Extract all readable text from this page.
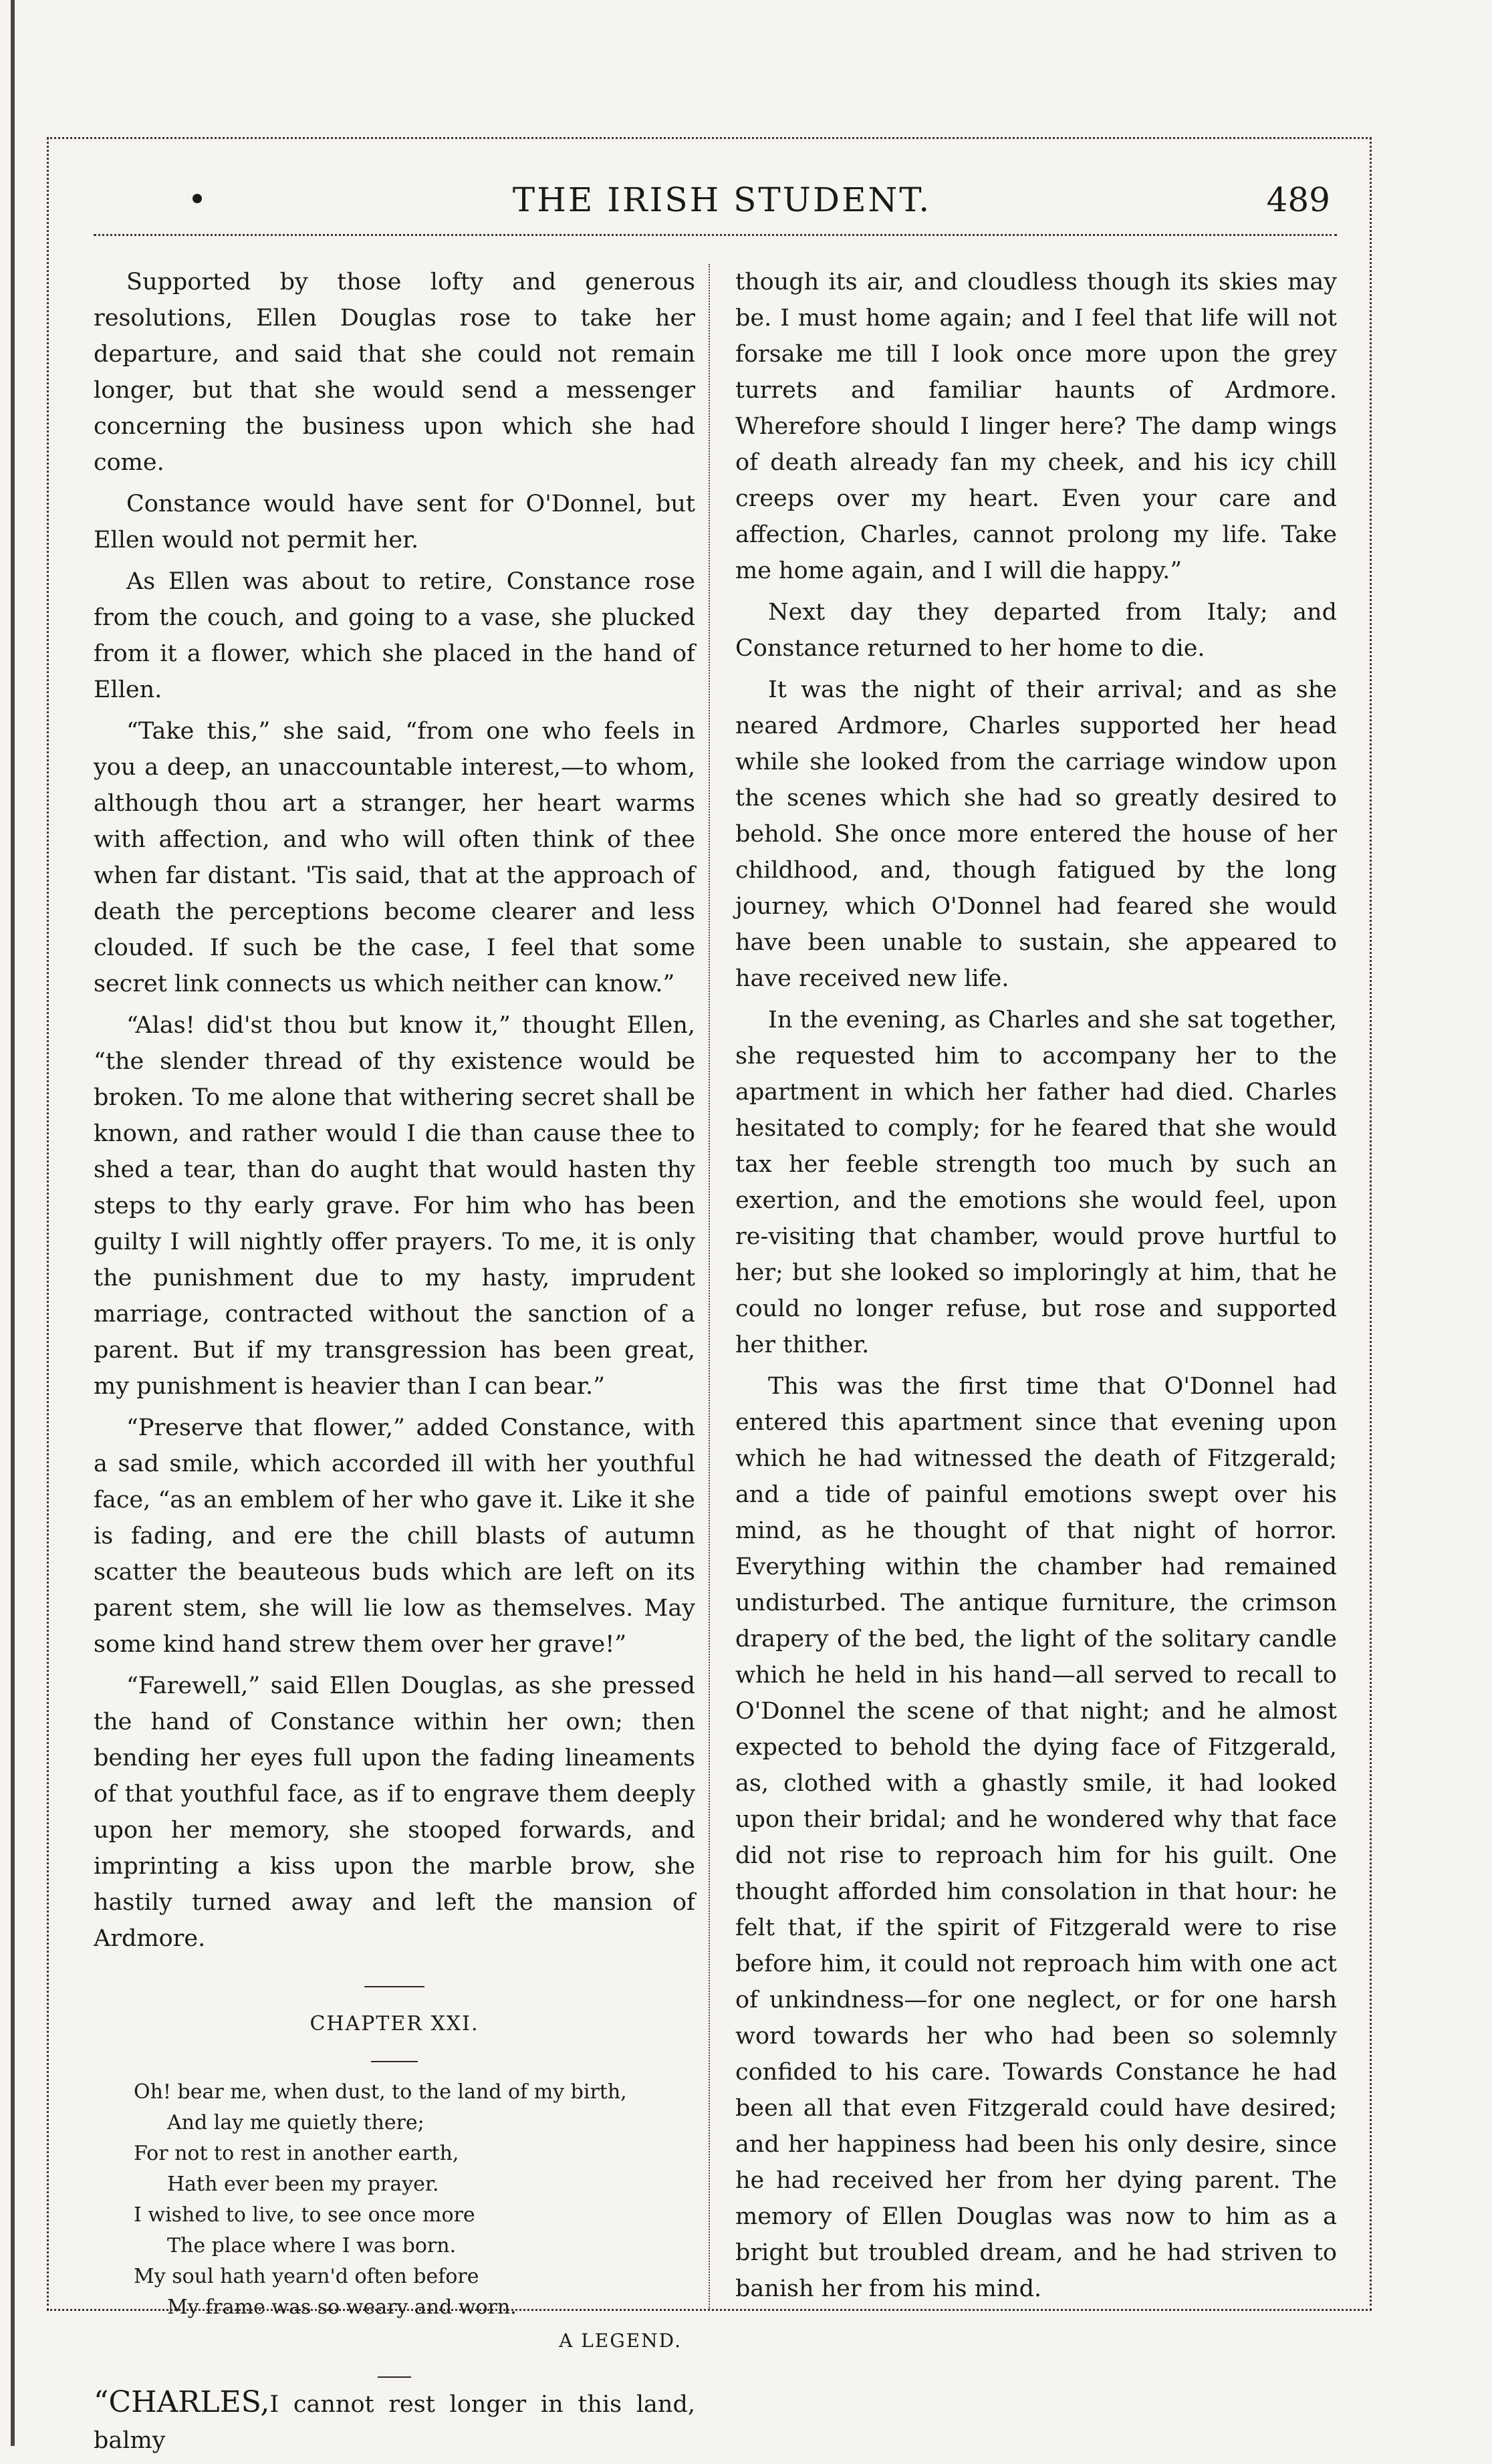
THE IRISH STUDENT.	489

Supported by those lofty and generous resolutions, Ellen Douglas rose to take her departure, and said that she could not remain longer, but that she would send a messenger concerning the business upon which she had come.

Constance would have sent for O'Donnel, but Ellen would not permit her.

As Ellen was about to retire, Constance rose from the couch, and going to a vase, she plucked from it a flower, which she placed in the hand of Ellen.

“Take this,” she said, “from one who feels in you a deep, an unaccountable interest,—to whom, although thou art a stranger, her heart warms with affection, and who will often think of thee when far distant. 'Tis said, that at the approach of death the perceptions become clearer and less clouded. If such be the case, I feel that some secret link connects us which neither can know.”

“Alas! did'st thou but know it,” thought Ellen, “the slender thread of thy existence would be broken. To me alone that withering secret shall be known, and rather would I die than cause thee to shed a tear, than do aught that would hasten thy steps to thy early grave. For him who has been guilty I will nightly offer prayers. To me, it is only the punishment due to my hasty, imprudent marriage, contracted without the sanction of a parent. But if my transgression has been great, my punishment is heavier than I can bear.”

“Preserve that flower,” added Constance, with a sad smile, which accorded ill with her youthful face, “as an emblem of her who gave it. Like it she is fading, and ere the chill blasts of autumn scatter the beauteous buds which are left on its parent stem, she will lie low as themselves. May some kind hand strew them over her grave!”

“Farewell,” said Ellen Douglas, as she pressed the hand of Constance within her own; then bending her eyes full upon the fading lineaments of that youthful face, as if to engrave them deeply upon her memory, she stooped forwards, and imprinting a kiss upon the marble brow, she hastily turned away and left the mansion of Ardmore.

CHAPTER XXI.
Oh! bear me, when dust, to the land of my birth,
And lay me quietly there;
For not to rest in another earth,
Hath ever been my prayer.
I wished to live, to see once more
The place where I was born.
My soul hath yearn'd often before
My frame was so weary and worn.
A LEGEND.

“CHARLES,I cannot rest longer in this land, balmy

though its air, and cloudless though its skies may be. I must home again; and I feel that life will not forsake me till I look once more upon the grey turrets and familiar haunts of Ardmore. Wherefore should I linger here? The damp wings of death already fan my cheek, and his icy chill creeps over my heart. Even your care and affection, Charles, cannot prolong my life. Take me home again, and I will die happy.”

Next day they departed from Italy; and Constance returned to her home to die.

It was the night of their arrival; and as she neared Ardmore, Charles supported her head while she looked from the carriage window upon the scenes which she had so greatly desired to behold. She once more entered the house of her childhood, and, though fatigued by the long journey, which O'Donnel had feared she would have been unable to sustain, she appeared to have received new life.

In the evening, as Charles and she sat together, she requested him to accompany her to the apartment in which her father had died. Charles hesitated to comply; for he feared that she would tax her feeble strength too much by such an exertion, and the emotions she would feel, upon re-visiting that chamber, would prove hurtful to her; but she looked so imploringly at him, that he could no longer refuse, but rose and supported her thither.

This was the first time that O'Donnel had entered this apartment since that evening upon which he had witnessed the death of Fitzgerald; and a tide of painful emotions swept over his mind, as he thought of that night of horror. Everything within the chamber had remained undisturbed. The antique furniture, the crimson drapery of the bed, the light of the solitary candle which he held in his hand—all served to recall to O'Donnel the scene of that night; and he almost expected to behold the dying face of Fitzgerald, as, clothed with a ghastly smile, it had looked upon their bridal; and he wondered why that face did not rise to reproach him for his guilt. One thought afforded him consolation in that hour: he felt that, if the spirit of Fitzgerald were to rise before him, it could not reproach him with one act of unkindness—for one neglect, or for one harsh word towards her who had been so solemnly confided to his care. Towards Constance he had been all that even Fitzgerald could have desired; and her happiness had been his only desire, since he had received her from her dying parent. The memory of Ellen Douglas was now to him as a bright but troubled dream, and he had striven to banish her from his mind.
